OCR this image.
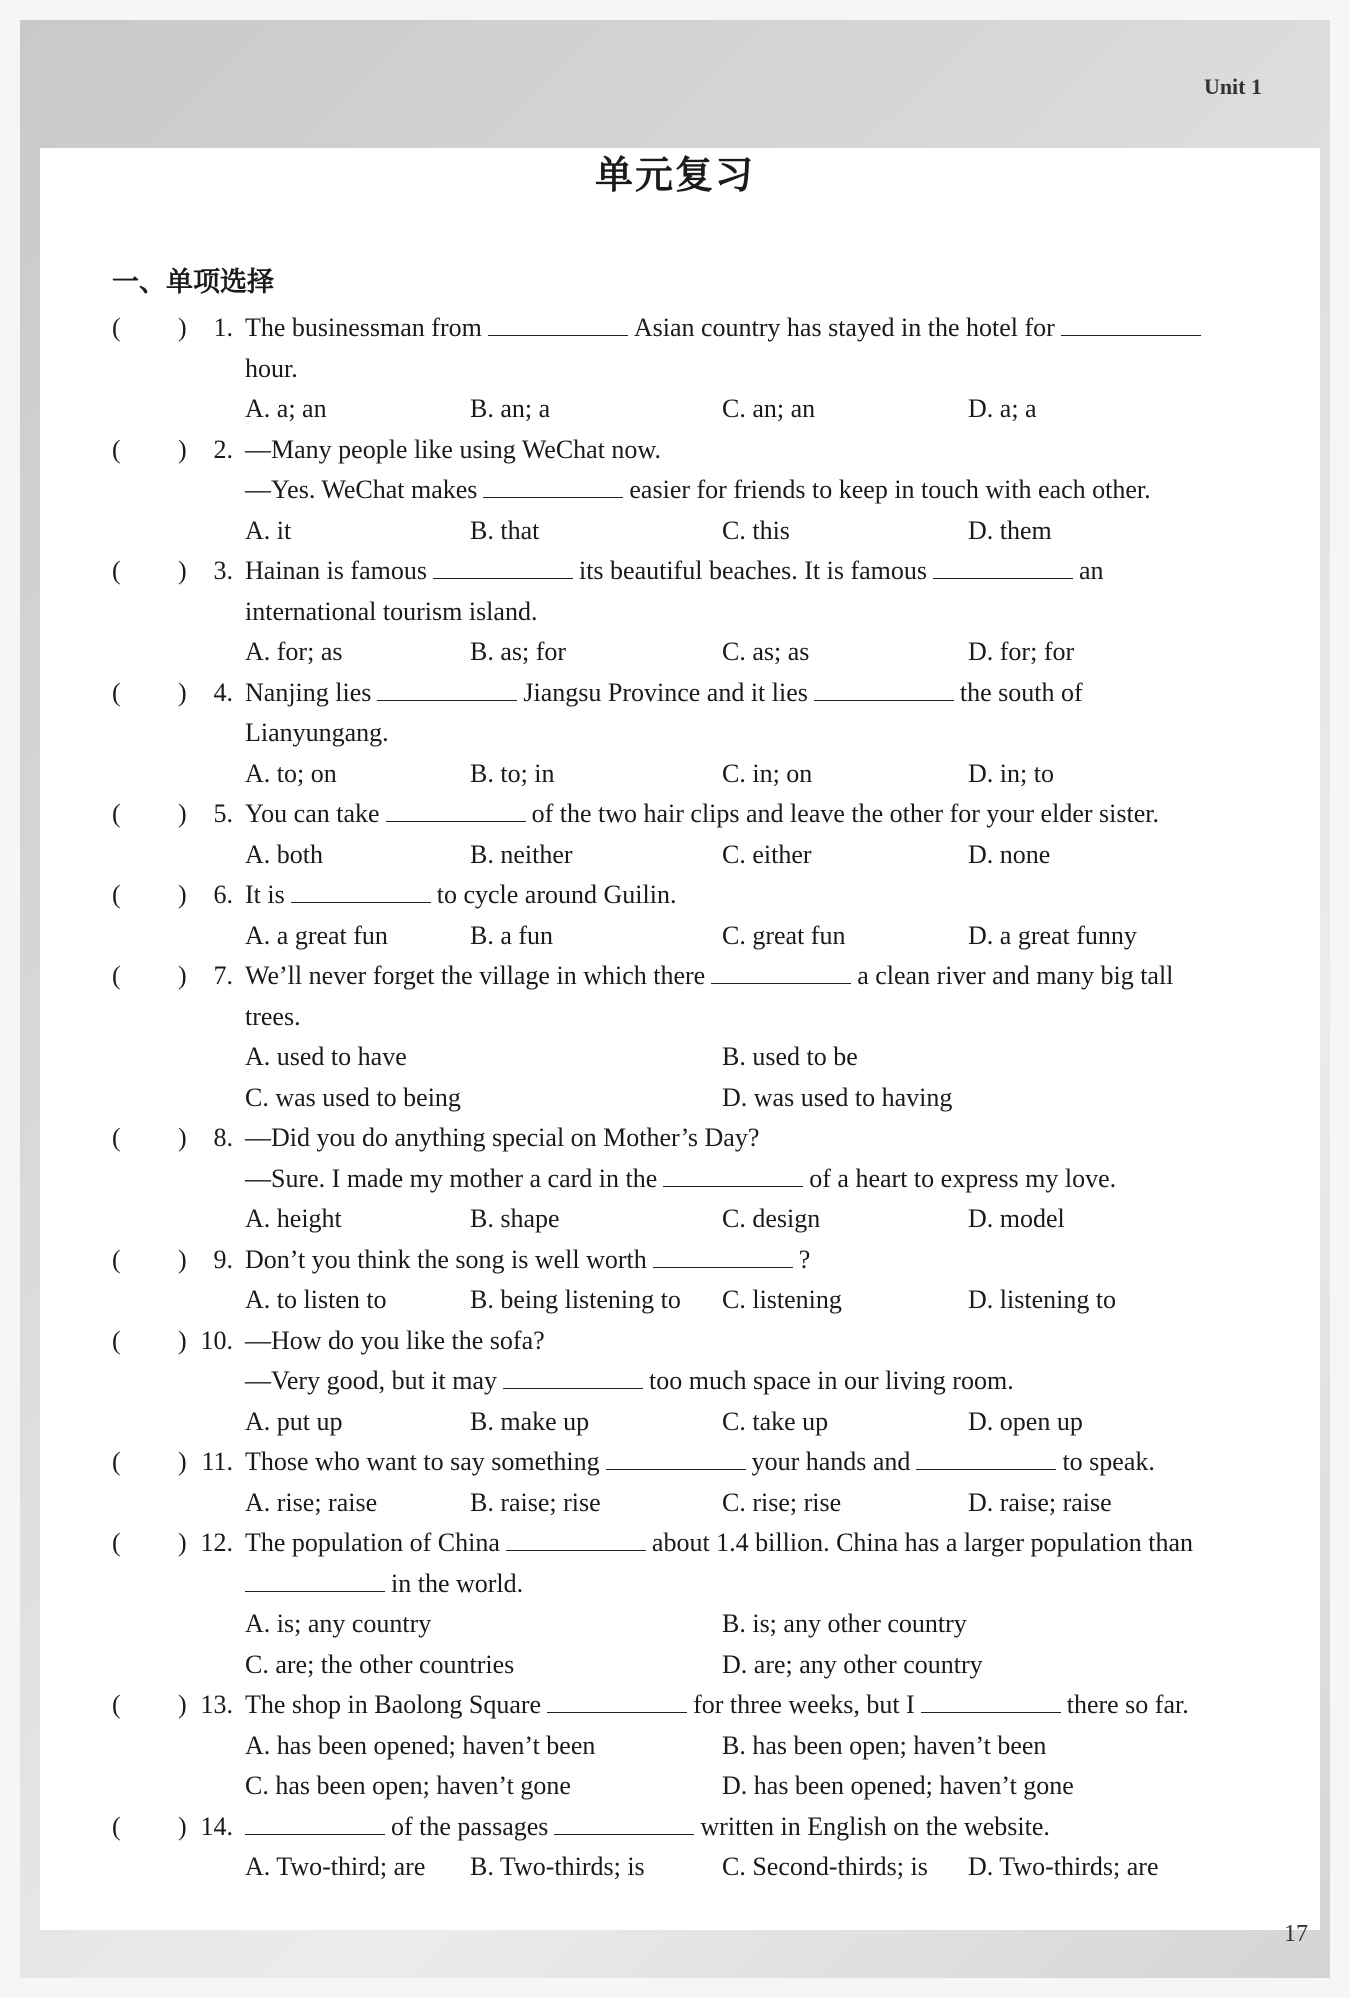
Unit 1
单元复习
一、单项选择
( )	1. The businessman from	Asian country has stayed in the hotel for
hour.
A. a; an	B. an; a	C. an; an	D. a; a
( )	2. —Many people like using WeChat now.
—Yes. WeChat makes	easier for friends to keep in touch with each other.
A. it	B. that	C. this	D. them
( )	3. Hainan is famous	its beautiful beaches. It is famous	an
international tourism island.
A. for; as	B. as; for	C. as; as	D. for; for
( )	4. Nanjing lies	Jiangsu Province and it lies	the south of
Lianyungang.
A. to; on	B. to; in	C. in; on	D. in; to
( )	5. You can take	of the two hair clips and leave the other for your elder sister.
A. both	B. neither	C. either	D. none
( )	6. It is	to cycle around Guilin.
A. a great fun	B. a fun	C. great fun	D. a great funny
( )	7. We’ll never forget the village in which there	a clean river and many big tall
trees.
A. used to have	B. used to be
C. was used to being	D. was used to having
( )	8. —Did you do anything special on Mother’s Day?
—Sure. I made my mother a card in the	of a heart to express my love.
A. height	B. shape	C. design	D. model
( )	9. Don’t you think the song is well worth	?
A. to listen to	B. being listening to C. listening	D. listening to
( ) 10. —How do you like the sofa?
—Very good, but it may	too much space in our living room.
A. put up	B. make up	C. take up	D. open up
( ) 11. Those who want to say something	your hands and	to speak.
A. rise; raise	B. raise; rise	C. rise; rise	D. raise; raise
( ) 12. The population of China	about 1.4 billion. China has a larger population than
in the world.
A. is; any country	B. is; any other country
C. are; the other countries	D. are; any other country
( ) 13. The shop in Baolong Square	for three weeks, but I	there so far.
A. has been opened; haven’t been	B. has been open; haven’t been
C. has been open; haven’t gone	D. has been opened; haven’t gone
( ) 14.	of the passages	written in English on the website.
A. Two-third; are B. Two-thirds; is	C. Second-thirds; is D. Two-thirds; are
17
